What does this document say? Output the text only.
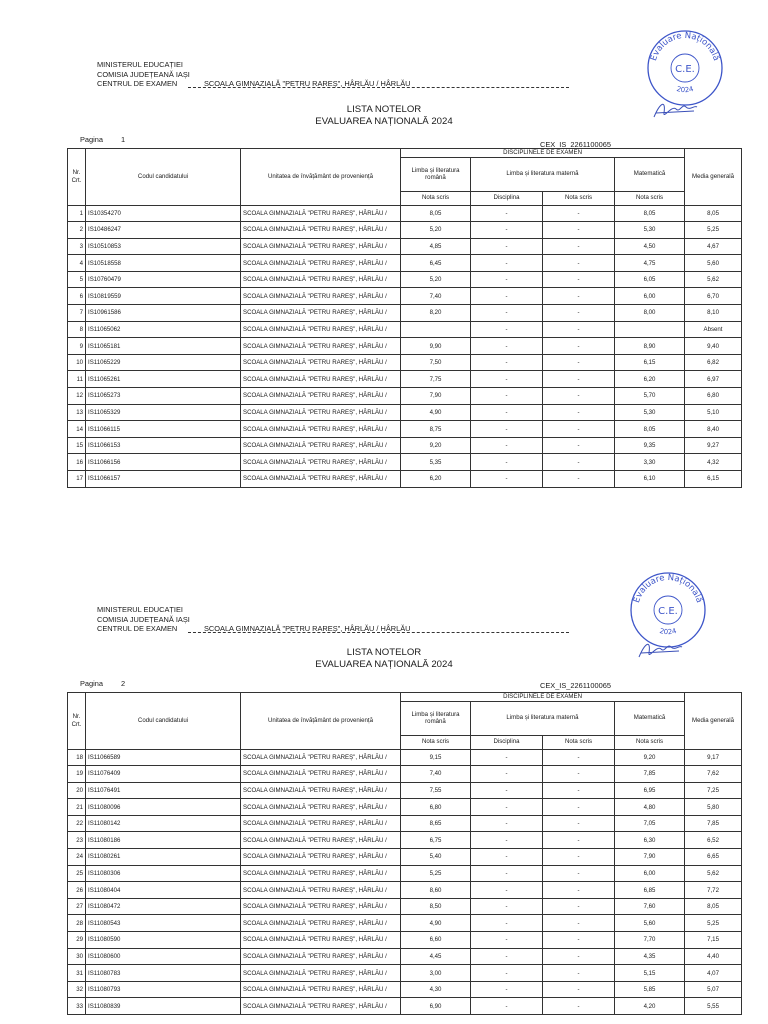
MINISTERUL EDUCAȚIEI
COMISIA JUDEȚEANĂ IAȘI
CENTRUL DE EXAMEN	SCOALA GIMNAZIALĂ "PETRU RAREȘ", HÂRLĂU / HÂRLĂU
Evaluare Națională
2024
C.E.
LISTA NOTELOR
EVALUAREA NAȚIONALĂ 2024
Pagina 1
CEX_IS_2261100065
Nr. Crt.	Codul candidatului	Unitatea de învățământ de proveniență	DISCIPLINELE DE EXAMEN				Media generală
			Limba și literatura română	Limba și literatura maternă		Matematică	
			Nota scris	Disciplina	Nota scris	Nota scris	
1	IS10354270	SCOALA GIMNAZIALĂ "PETRU RAREȘ", HÂRLĂU /	8,05	-	-	8,05	8,05
2	IS10486247	SCOALA GIMNAZIALĂ "PETRU RAREȘ", HÂRLĂU /	5,20	-	-	5,30	5,25
3	IS10510853	SCOALA GIMNAZIALĂ "PETRU RAREȘ", HÂRLĂU /	4,85	-	-	4,50	4,67
4	IS10518558	SCOALA GIMNAZIALĂ "PETRU RAREȘ", HÂRLĂU /	6,45	-	-	4,75	5,60
5	IS10760479	SCOALA GIMNAZIALĂ "PETRU RAREȘ", HÂRLĂU /	5,20	-	-	6,05	5,62
6	IS10819559	SCOALA GIMNAZIALĂ "PETRU RAREȘ", HÂRLĂU /	7,40	-	-	6,00	6,70
7	IS10961586	SCOALA GIMNAZIALĂ "PETRU RAREȘ", HÂRLĂU /	8,20	-	-	8,00	8,10
8	IS11065062	SCOALA GIMNAZIALĂ "PETRU RAREȘ", HÂRLĂU /		-	-		Absent
9	IS11065181	SCOALA GIMNAZIALĂ "PETRU RAREȘ", HÂRLĂU /	9,90	-	-	8,90	9,40
10	IS11065229	SCOALA GIMNAZIALĂ "PETRU RAREȘ", HÂRLĂU /	7,50	-	-	6,15	6,82
11	IS11065261	SCOALA GIMNAZIALĂ "PETRU RAREȘ", HÂRLĂU /	7,75	-	-	6,20	6,97
12	IS11065273	SCOALA GIMNAZIALĂ "PETRU RAREȘ", HÂRLĂU /	7,90	-	-	5,70	6,80
13	IS11065329	SCOALA GIMNAZIALĂ "PETRU RAREȘ", HÂRLĂU /	4,90	-	-	5,30	5,10
14	IS11066115	SCOALA GIMNAZIALĂ "PETRU RAREȘ", HÂRLĂU /	8,75	-	-	8,05	8,40
15	IS11066153	SCOALA GIMNAZIALĂ "PETRU RAREȘ", HÂRLĂU /	9,20	-	-	9,35	9,27
16	IS11066156	SCOALA GIMNAZIALĂ "PETRU RAREȘ", HÂRLĂU /	5,35	-	-	3,30	4,32
17	IS11066157	SCOALA GIMNAZIALĂ "PETRU RAREȘ", HÂRLĂU /	6,20	-	-	6,10	6,15
MINISTERUL EDUCAȚIEI
COMISIA JUDEȚEANĂ IAȘI
CENTRUL DE EXAMEN	SCOALA GIMNAZIALĂ "PETRU RAREȘ", HÂRLĂU / HÂRLĂU
Evaluare Națională
2024
C.E.
LISTA NOTELOR
EVALUAREA NAȚIONALĂ 2024
Pagina 2	CEX_IS_2261100065
Nr. Crt.	Codul candidatului	Unitatea de învățământ de proveniență	DISCIPLINELE DE EXAMEN				Media generală
			Limba și literatura română	Limba și literatura maternă		Matematică	
			Nota scris	Disciplina	Nota scris	Nota scris	
18	IS11066589	SCOALA GIMNAZIALĂ "PETRU RAREȘ", HÂRLĂU /	9,15	-	-	9,20	9,17
19	IS11076409	SCOALA GIMNAZIALĂ "PETRU RAREȘ", HÂRLĂU /	7,40	-	-	7,85	7,62
20	IS11076491	SCOALA GIMNAZIALĂ "PETRU RAREȘ", HÂRLĂU /	7,55	-	-	6,95	7,25
21	IS11080096	SCOALA GIMNAZIALĂ "PETRU RAREȘ", HÂRLĂU /	6,80	-	-	4,80	5,80
22	IS11080142	SCOALA GIMNAZIALĂ "PETRU RAREȘ", HÂRLĂU /	8,65	-	-	7,05	7,85
23	IS11080186	SCOALA GIMNAZIALĂ "PETRU RAREȘ", HÂRLĂU /	6,75	-	-	6,30	6,52
24	IS11080261	SCOALA GIMNAZIALĂ "PETRU RAREȘ", HÂRLĂU /	5,40	-	-	7,90	6,65
25	IS11080306	SCOALA GIMNAZIALĂ "PETRU RAREȘ", HÂRLĂU /	5,25	-	-	6,00	5,62
26	IS11080404	SCOALA GIMNAZIALĂ "PETRU RAREȘ", HÂRLĂU /	8,60	-	-	6,85	7,72
27	IS11080472	SCOALA GIMNAZIALĂ "PETRU RAREȘ", HÂRLĂU /	8,50	-	-	7,60	8,05
28	IS11080543	SCOALA GIMNAZIALĂ "PETRU RAREȘ", HÂRLĂU /	4,90	-	-	5,60	5,25
29	IS11080590	SCOALA GIMNAZIALĂ "PETRU RAREȘ", HÂRLĂU /	6,60	-	-	7,70	7,15
30	IS11080600	SCOALA GIMNAZIALĂ "PETRU RAREȘ", HÂRLĂU /	4,45	-	-	4,35	4,40
31	IS11080783	SCOALA GIMNAZIALĂ "PETRU RAREȘ", HÂRLĂU /	3,00	-	-	5,15	4,07
32	IS11080793	SCOALA GIMNAZIALĂ "PETRU RAREȘ", HÂRLĂU /	4,30	-	-	5,85	5,07
33	IS11080839	SCOALA GIMNAZIALĂ "PETRU RAREȘ", HÂRLĂU /	6,90	-	-	4,20	5,55
